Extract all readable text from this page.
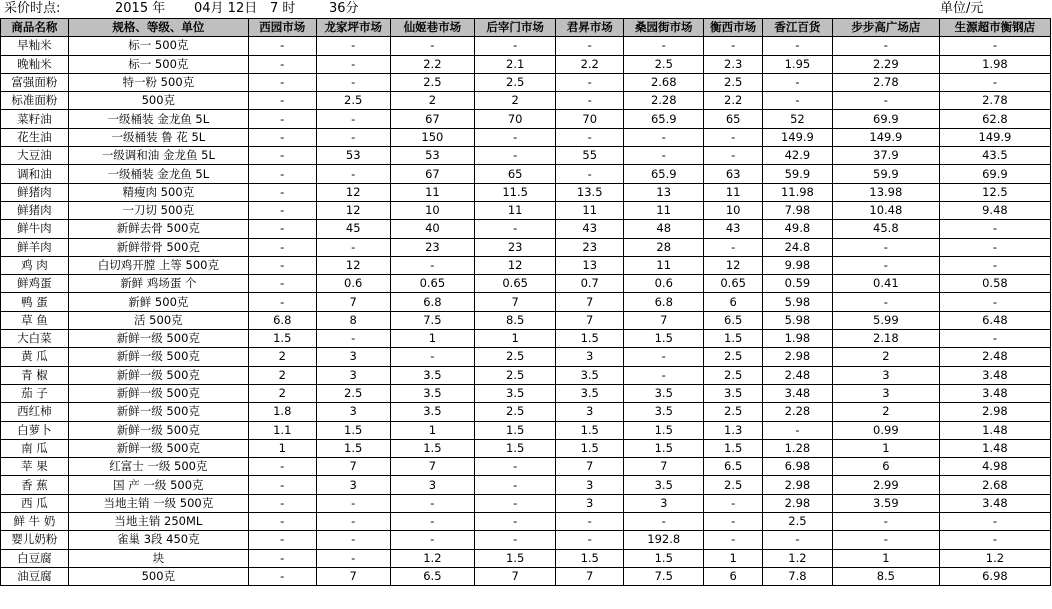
采价时点:	2015 年 04月 12日 7 时	36分	单位/元
商品名称	规格、等级、单位	西园市场	龙家坪市场	仙姬巷市场	后宰门市场	君昇市场	桑园街市场	衡西市场	香江百货	步步高广场店	生源超市衡钢店
早籼米	标一 500克	-	-	-	-	-	-	-	-	-	-
晚籼米	标一 500克	-	-	2.2	2.1	2.2	2.5	2.3	1.95	2.29	1.98
富强面粉	特一粉 500克	-	-	2.5	2.5	-	2.68	2.5	-	2.78	-
标准面粉	500克	-	2.5	2	2	-	2.28	2.2	-	-	2.78
菜籽油	一级桶装 金龙鱼 5L	-	-	67	70	70	65.9	65	52	69.9	62.8
花生油	一级桶装 鲁 花 5L	-	-	150	-	-	-	-	149.9	149.9	149.9
大豆油	一级调和油 金龙鱼 5L	-	53	53	-	55	-	-	42.9	37.9	43.5
调和油	一级桶装 金龙鱼 5L	-	-	67	65	-	65.9	63	59.9	59.9	69.9
鲜猪肉	精瘦肉 500克	-	12	11	11.5	13.5	13	11	11.98	13.98	12.5
鲜猪肉	一刀切 500克	-	12	10	11	11	11	10	7.98	10.48	9.48
鲜牛肉	新鲜去骨 500克	-	45	40	-	43	48	43	49.8	45.8	-
鲜羊肉	新鲜带骨 500克	-	-	23	23	23	28	-	24.8	-	-
鸡 肉	白切鸡开膛 上等 500克	-	12	-	12	13	11	12	9.98	-	-
鲜鸡蛋	新鲜 鸡场蛋 个	-	0.6	0.65	0.65	0.7	0.6	0.65	0.59	0.41	0.58
鸭 蛋	新鲜 500克	-	7	6.8	7	7	6.8	6	5.98	-	-
草 鱼	活 500克	6.8	8	7.5	8.5	7	7	6.5	5.98	5.99	6.48
大白菜	新鲜一级 500克	1.5	-	1	1	1.5	1.5	1.5	1.98	2.18	-
黄 瓜	新鲜一级 500克	2	3	-	2.5	3	-	2.5	2.98	2	2.48
青 椒	新鲜一级 500克	2	3	3.5	2.5	3.5	-	2.5	2.48	3	3.48
茄 子	新鲜一级 500克	2	2.5	3.5	3.5	3.5	3.5	3.5	3.48	3	3.48
西红柿	新鲜一级 500克	1.8	3	3.5	2.5	3	3.5	2.5	2.28	2	2.98
白萝卜	新鲜一级 500克	1.1	1.5	1	1.5	1.5	1.5	1.3	-	0.99	1.48
南 瓜	新鲜一级 500克	1	1.5	1.5	1.5	1.5	1.5	1.5	1.28	1	1.48
苹 果	红富士 一级 500克	-	7	7	-	7	7	6.5	6.98	6	4.98
香 蕉	国 产 一级 500克	-	3	3	-	3	3.5	2.5	2.98	2.99	2.68
西 瓜	当地主销 一级 500克	-	-	-	-	3	3	-	2.98	3.59	3.48
鲜 牛 奶	当地主销 250ML	-	-	-	-	-	-	-	2.5	-	-
婴儿奶粉	雀巢 3段 450克	-	-	-	-	-	192.8	-	-	-	-
白豆腐	块	-	-	1.2	1.5	1.5	1.5	1	1.2	1	1.2
油豆腐	500克	-	7	6.5	7	7	7.5	6	7.8	8.5	6.98
